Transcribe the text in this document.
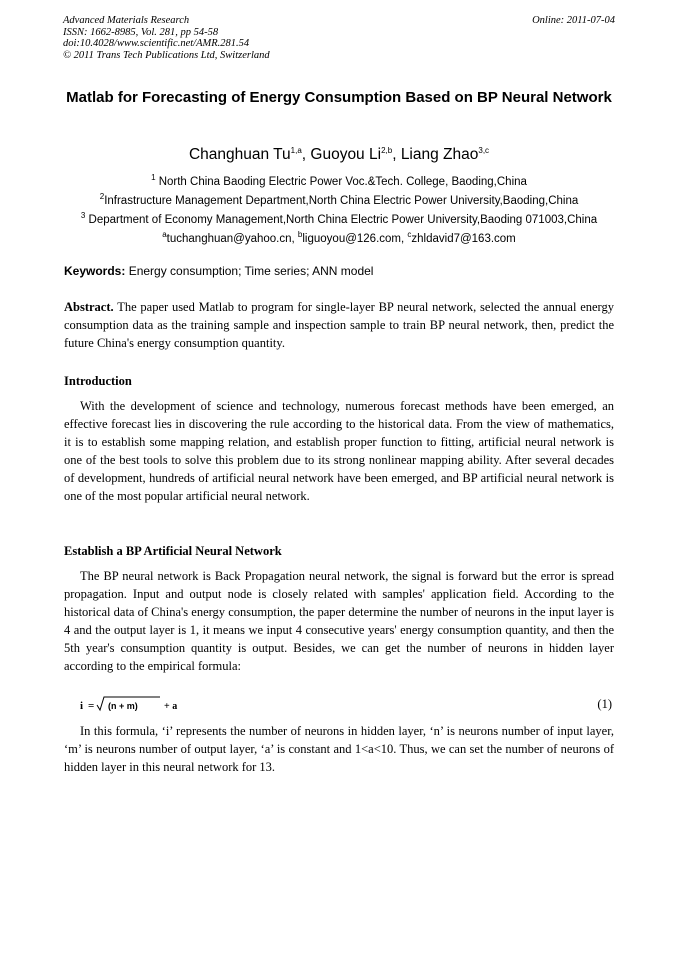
Advanced Materials Research
ISSN: 1662-8985, Vol. 281, pp 54-58
doi:10.4028/www.scientific.net/AMR.281.54
© 2011 Trans Tech Publications Ltd, Switzerland
Online: 2011-07-04
Matlab for Forecasting of Energy Consumption Based on BP Neural Network
Changhuan Tu$^{1,a}$, Guoyou Li$^{2,b}$, Liang Zhao$^{3,c}$
$^1$ North China Baoding Electric Power Voc.&Tech. College, Baoding,China
$^2$Infrastructure Management Department,North China Electric Power University,Baoding,China
$^3$ Department of Economy Management,North China Electric Power University,Baoding 071003,China
$^a$tuchanghuan@yahoo.cn, $^b$liguoyou@126.com, $^c$zhldavid7@163.com
Keywords: Energy consumption; Time series; ANN model
Abstract. The paper used Matlab to program for single-layer BP neural network, selected the annual energy consumption data as the training sample and inspection sample to train BP neural network, then, predict the future China's energy consumption quantity.
Introduction
With the development of science and technology, numerous forecast methods have been emerged, an effective forecast lies in discovering the rule according to the historical data. From the view of mathematics, it is to establish some mapping relation, and establish proper function to fitting, artificial neural network is one of the best tools to solve this problem due to its strong nonlinear mapping ability. After several decades of development, hundreds of artificial neural network have been emerged, and BP artificial neural network is one of the most popular artificial neural network.
Establish a BP Artificial Neural Network
The BP neural network is Back Propagation neural network, the signal is forward but the error is spread propagation. Input and output node is closely related with samples' application field. According to the historical data of China's energy consumption, the paper determine the number of neurons in the input layer is 4 and the output layer is 1, it means we input 4 consecutive years' energy consumption quantity, and then the 5th year's consumption quantity is output. Besides, we can get the number of neurons in hidden layer according to the empirical formula:
i = (n + m)	+ a	(1)
In this formula, ‘i’ represents the number of neurons in hidden layer, ‘n’ is neurons number of input layer, ‘m’ is neurons number of output layer, ‘a’ is constant and 1<a<10. Thus, we can set the number of neurons of hidden layer in this neural network for 13.
